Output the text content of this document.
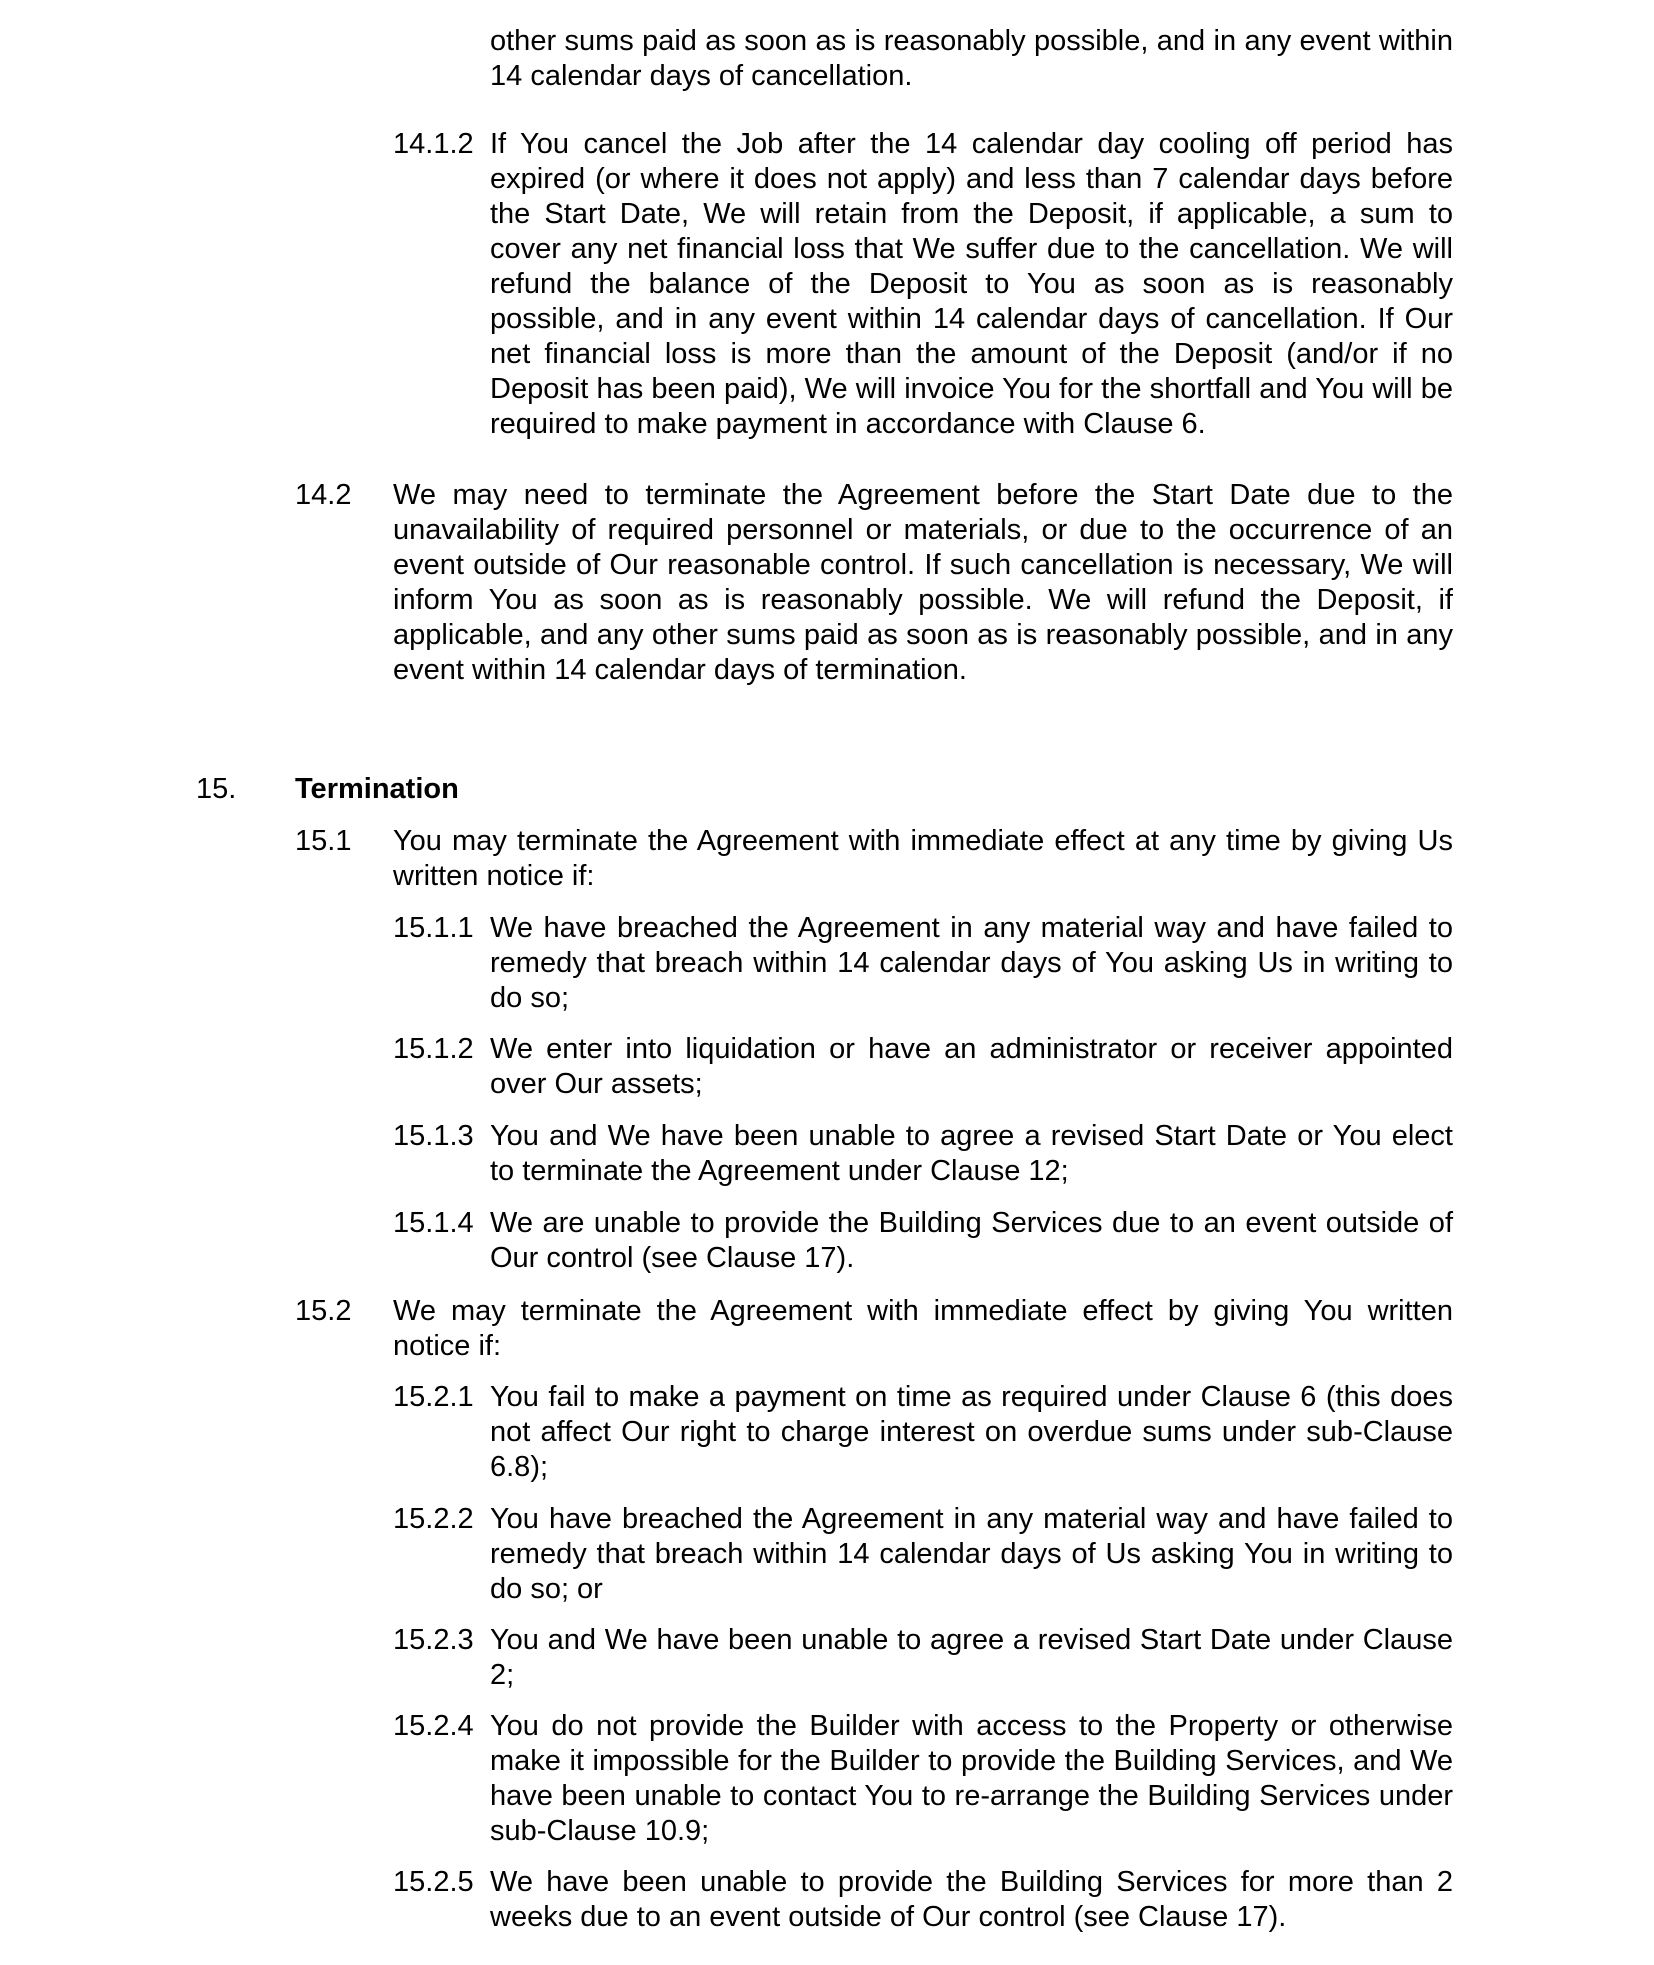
other sums paid as soon as is reasonably possible, and in any event within 14 calendar days of cancellation.
14.1.2 If You cancel the Job after the 14 calendar day cooling off period has expired (or where it does not apply) and less than 7 calendar days before the Start Date, We will retain from the Deposit, if applicable, a sum to cover any net financial loss that We suffer due to the cancellation. We will refund the balance of the Deposit to You as soon as is reasonably possible, and in any event within 14 calendar days of cancellation. If Our net financial loss is more than the amount of the Deposit (and/or if no Deposit has been paid), We will invoice You for the shortfall and You will be required to make payment in accordance with Clause 6.
14.2	We may need to terminate the Agreement before the Start Date due to the unavailability of required personnel or materials, or due to the occurrence of an event outside of Our reasonable control. If such cancellation is necessary, We will inform You as soon as is reasonably possible. We will refund the Deposit, if applicable, and any other sums paid as soon as is reasonably possible, and in any event within 14 calendar days of termination.
15.	Termination
15.1	You may terminate the Agreement with immediate effect at any time by giving Us written notice if:
15.1.1 We have breached the Agreement in any material way and have failed to remedy that breach within 14 calendar days of You asking Us in writing to do so;
15.1.2 We enter into liquidation or have an administrator or receiver appointed over Our assets;
15.1.3 You and We have been unable to agree a revised Start Date or You elect to terminate the Agreement under Clause 12;
15.1.4 We are unable to provide the Building Services due to an event outside of Our control (see Clause 17).
15.2	We may terminate the Agreement with immediate effect by giving You written notice if:
15.2.1 You fail to make a payment on time as required under Clause 6 (this does not affect Our right to charge interest on overdue sums under sub-Clause 6.8);
15.2.2 You have breached the Agreement in any material way and have failed to remedy that breach within 14 calendar days of Us asking You in writing to do so; or
15.2.3 You and We have been unable to agree a revised Start Date under Clause 2;
15.2.4 You do not provide the Builder with access to the Property or otherwise make it impossible for the Builder to provide the Building Services, and We have been unable to contact You to re-arrange the Building Services under sub-Clause 10.9;
15.2.5 We have been unable to provide the Building Services for more than 2 weeks due to an event outside of Our control (see Clause 17).
